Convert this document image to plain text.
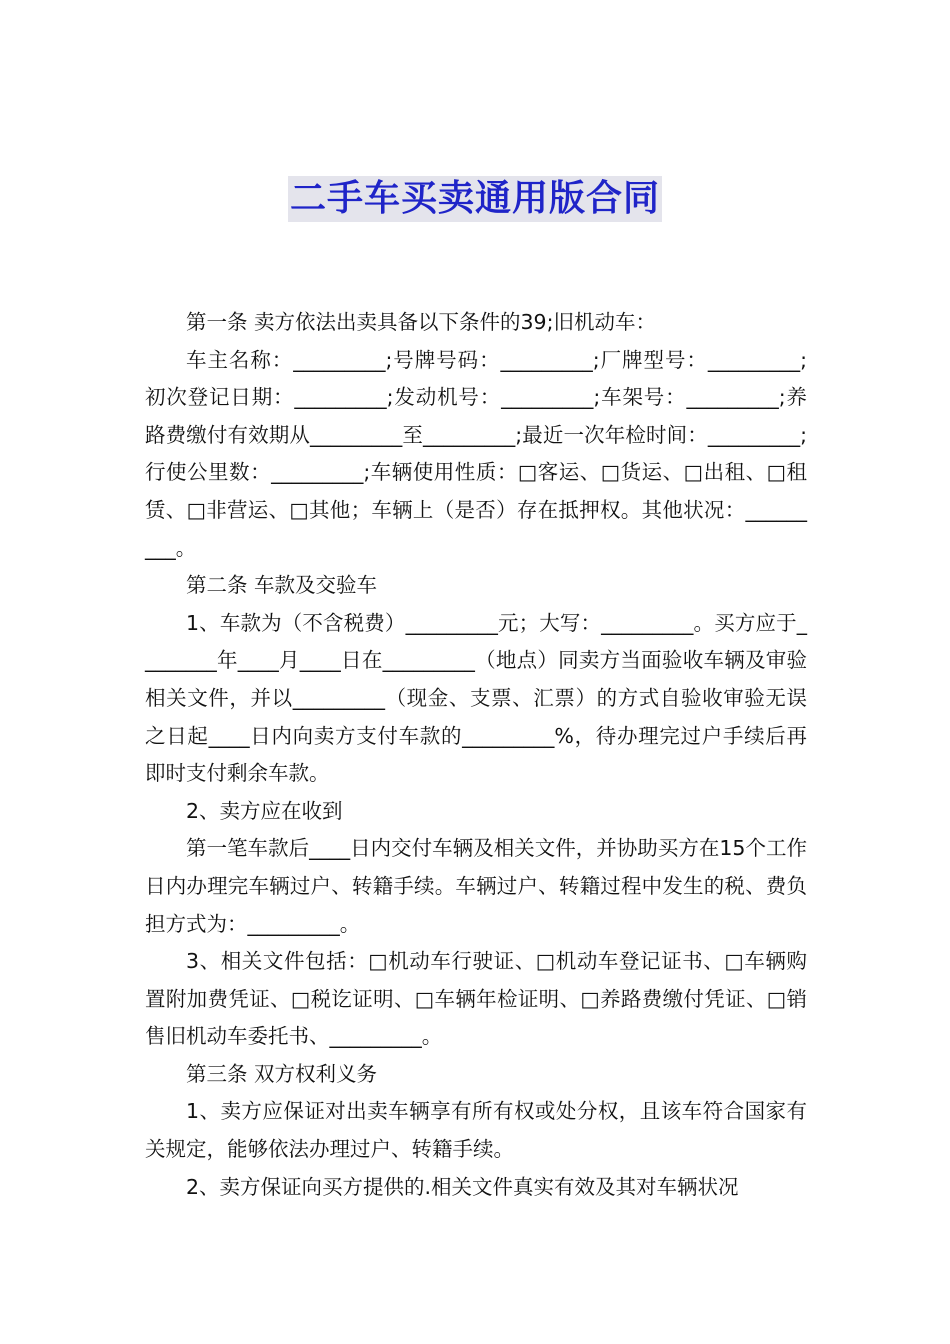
二手车买卖通用版合同

第一条 卖方依法出卖具备以下条件的39;旧机动车：

车主名称：_________;号牌号码：_________;厂牌型号：_________;初次登记日期：_________;发动机号：_________;车架号：_________;养路费缴付有效期从_________至_________;最近一次年检时间：_________;行使公里数：_________;车辆使用性质：□客运、□货运、□出租、□租赁、□非营运、□其他；车辆上（是否）存在抵押权。其他状况：_________。

第二条 车款及交验车

1、车款为（不含税费）_________元；大写：_________。买方应于________年____月____日在_________（地点）同卖方当面验收车辆及审验相关文件，并以_________（现金、支票、汇票）的方式自验收审验无误之日起____日内向卖方支付车款的_________%，待办理完过户手续后再即时支付剩余车款。

2、卖方应在收到

第一笔车款后____日内交付车辆及相关文件，并协助买方在15个工作日内办理完车辆过户、转籍手续。车辆过户、转籍过程中发生的税、费负担方式为：_________。

3、相关文件包括：□机动车行驶证、□机动车登记证书、□车辆购置附加费凭证、□税讫证明、□车辆年检证明、□养路费缴付凭证、□销售旧机动车委托书、_________。

第三条 双方权利义务

1、卖方应保证对出卖车辆享有所有权或处分权，且该车符合国家有关规定，能够依法办理过户、转籍手续。

2、卖方保证向买方提供的.相关文件真实有效及其对车辆状况
